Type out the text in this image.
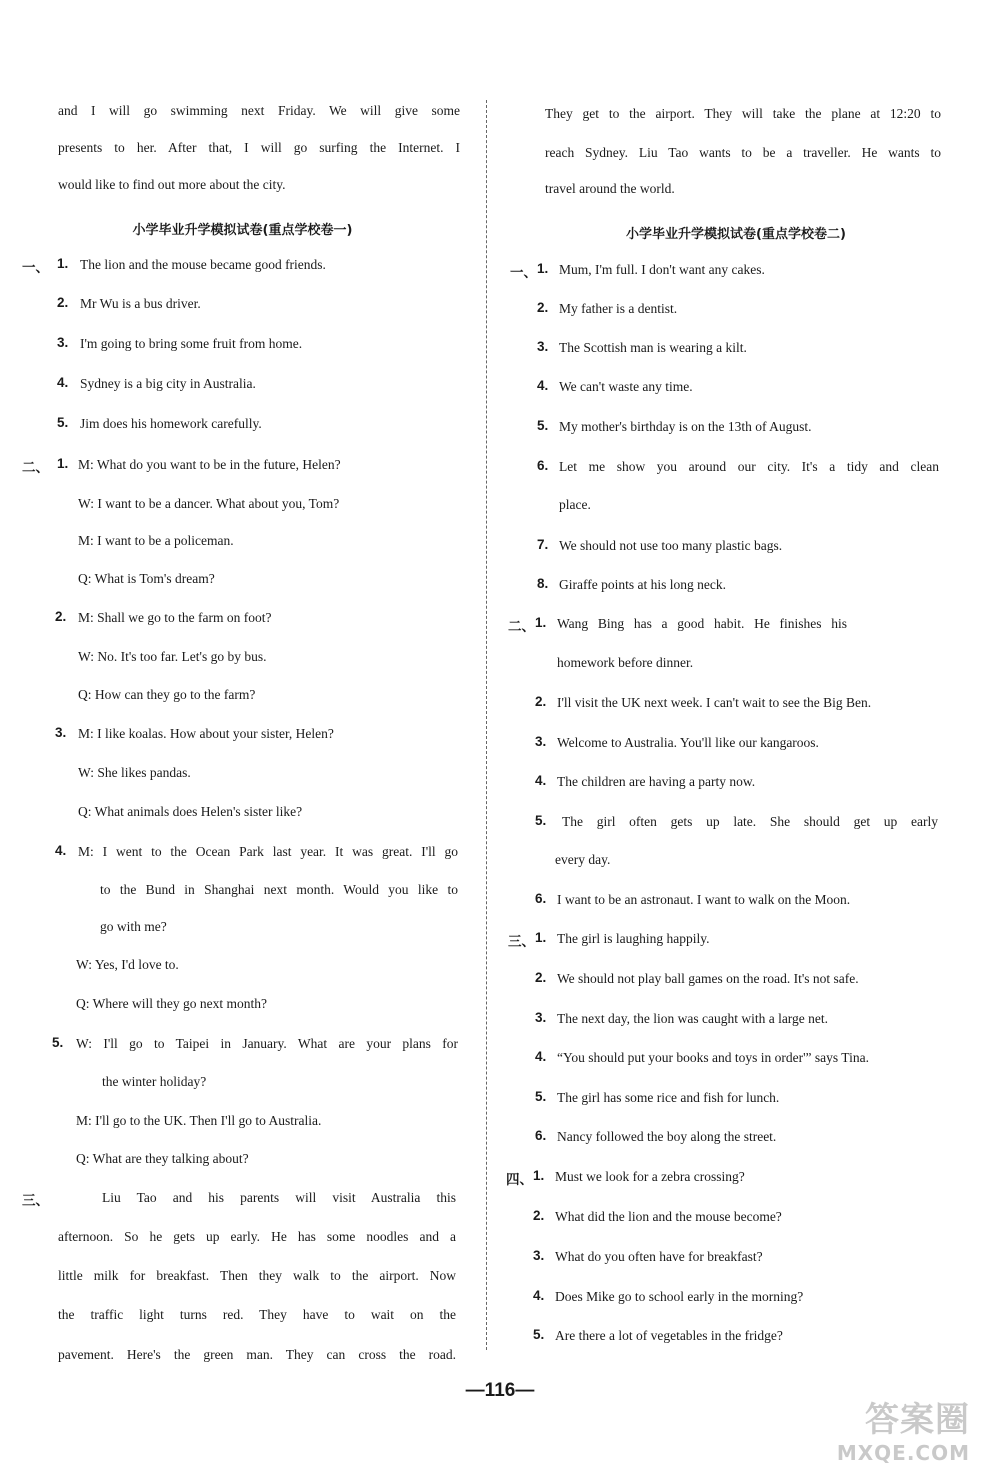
and I will go swimming next Friday. We will give some
presents to her. After that, I will go surfing the Internet. I
would like to find out more about the city.
小学毕业升学模拟试卷(重点学校卷一)
一、 1. The lion and the mouse became good friends.
2. Mr Wu is a bus driver.
3. I'm going to bring some fruit from home.
4. Sydney is a big city in Australia.
5. Jim does his homework carefully.
二、 1. M: What do you want to be in the future, Helen?
W: I want to be a dancer. What about you, Tom?
M: I want to be a policeman.
Q: What is Tom's dream?
2. M: Shall we go to the farm on foot?
W: No. It's too far. Let's go by bus.
Q: How can they go to the farm?
3. M: I like koalas. How about your sister, Helen?
W: She likes pandas.
Q: What animals does Helen's sister like?
4. M: I went to the Ocean Park last year. It was great. I'll go
to the Bund in Shanghai next month. Would you like to
go with me?
W: Yes, I'd love to.
Q: Where will they go next month?
5. W: I'll go to Taipei in January. What are your plans for
the winter holiday?
M: I'll go to the UK. Then I'll go to Australia.
Q: What are they talking about?
三、	Liu Tao and his parents will visit Australia this
afternoon. So he gets up early. He has some noodles and a
little milk for breakfast. Then they walk to the airport. Now
the traffic light turns red. They have to wait on the
pavement. Here's the green man. They can cross the road.
They get to the airport. They will take the plane at 12:20 to
reach Sydney. Liu Tao wants to be a traveller. He wants to
travel around the world.
小学毕业升学模拟试卷(重点学校卷二)
一、 1. Mum, I'm full. I don't want any cakes.
2. My father is a dentist.
3. The Scottish man is wearing a kilt.
4. We can't waste any time.
5. My mother's birthday is on the 13th of August.
6. Let me show you around our city. It's a tidy and clean
place.
7. We should not use too many plastic bags.
8. Giraffe points at his long neck.
二、 1. Wang Bing has a good habit. He finishes his
homework before dinner.
2. I'll visit the UK next week. I can't wait to see the Big Ben.
3. Welcome to Australia. You'll like our kangaroos.
4. The children are having a party now.
5. The girl often gets up late. She should get up early
every day.
6. I want to be an astronaut. I want to walk on the Moon.
三、 1. The girl is laughing happily.
2. We should not play ball games on the road. It's not safe.
3. The next day, the lion was caught with a large net.
4. “You should put your books and toys in order'” says Tina.
5. The girl has some rice and fish for lunch.
6. Nancy followed the boy along the street.
四、 1. Must we look for a zebra crossing?
2. What did the lion and the mouse become?
3. What do you often have for breakfast?
4. Does Mike go to school early in the morning?
5. Are there a lot of vegetables in the fridge?
—116—
答案圈
MXQE.COM
